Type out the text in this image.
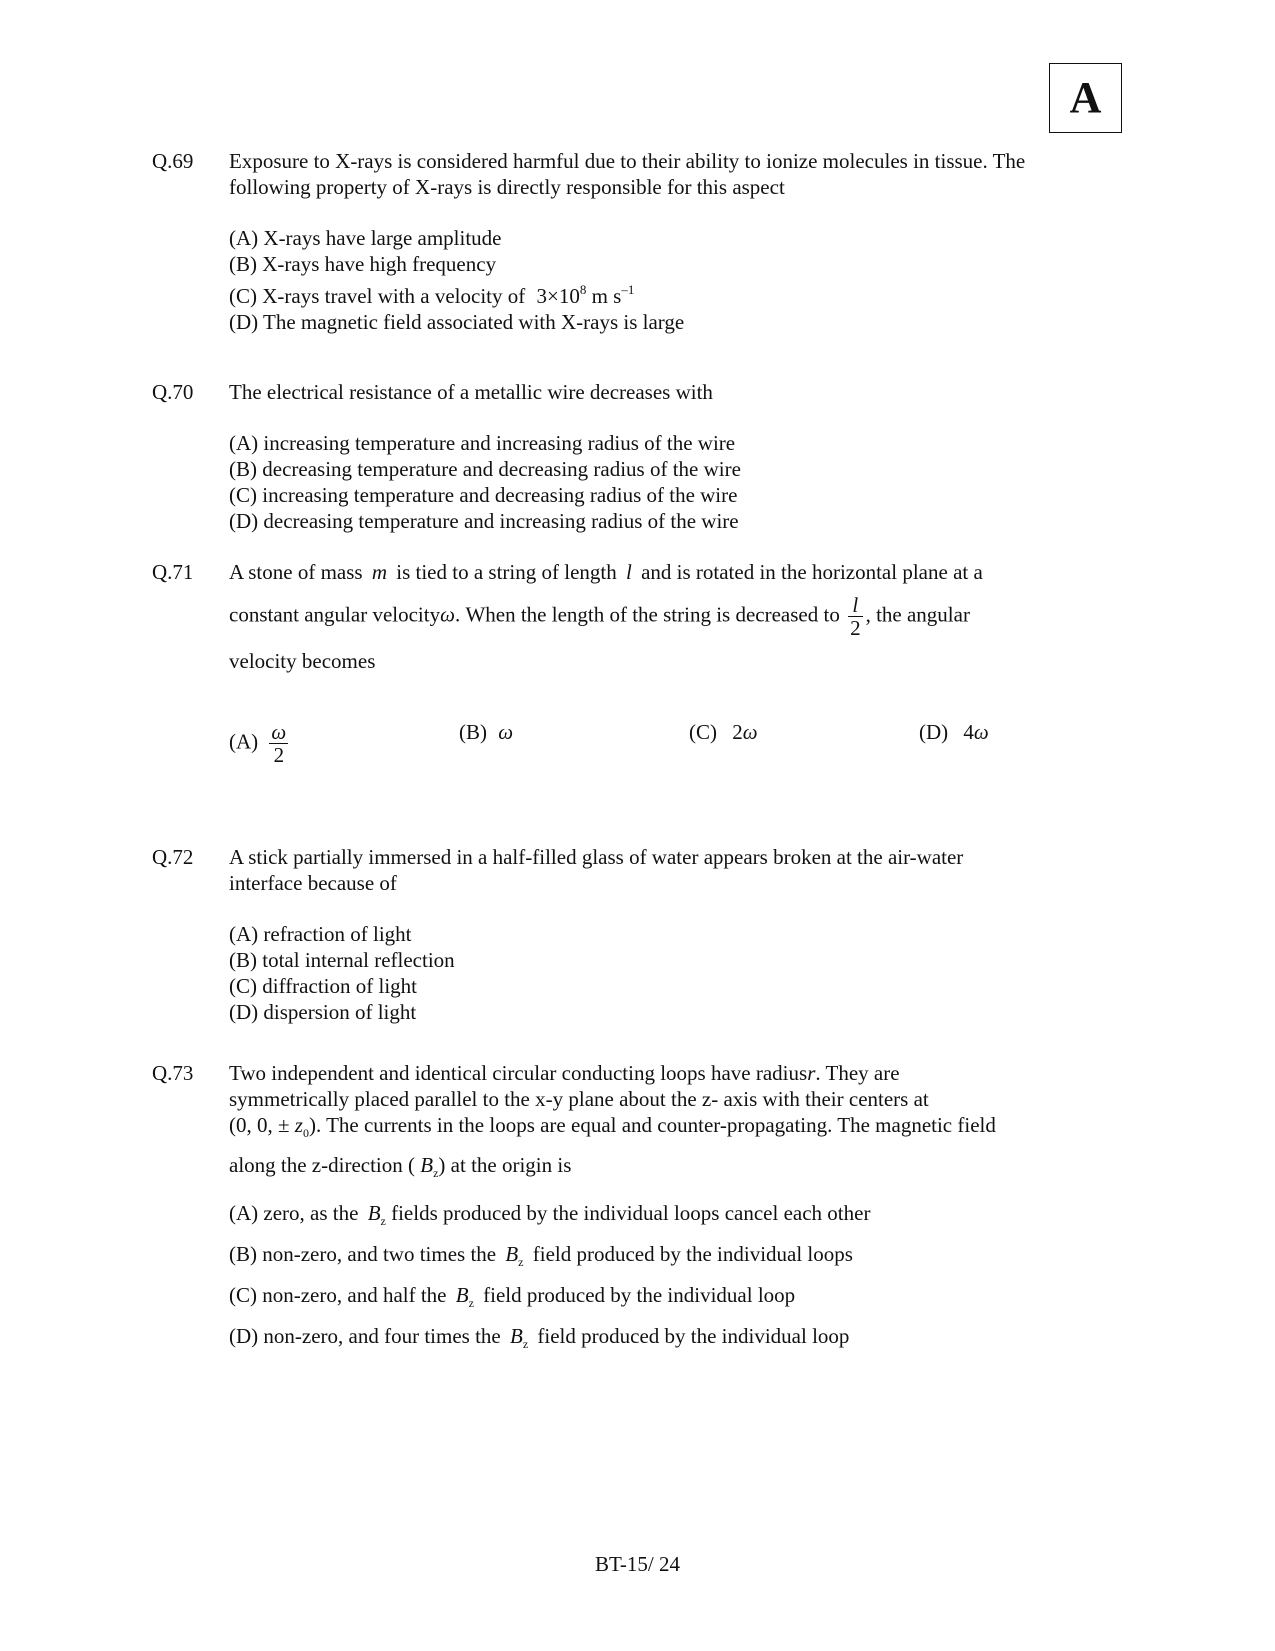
A
Q.69 Exposure to X-rays is considered harmful due to their ability to ionize molecules in tissue. The
following property of X-rays is directly responsible for this aspect
(A) X-rays have large amplitude
(B) X-rays have high frequency
(C) X-rays travel with a velocity of $3\times 10^8$ m $s^{-1}$
(D) The magnetic field associated with X-rays is large
Q.70 The electrical resistance of a metallic wire decreases with
(A) increasing temperature and increasing radius of the wire
(B) decreasing temperature and decreasing radius of the wire
(C) increasing temperature and decreasing radius of the wire
(D) decreasing temperature and increasing radius of the wire
Q.71 A stone of mass m is tied to a string of length l and is rotated in the horizontal plane at a
constant angular velocityω. When the length of the string is decreased to $\frac{l}{2}$ , the angular
velocity becomes
$(A) \frac{\omega}{2}$	(B) ω	(C) 2ω	(D) 4ω
Q.72 A stick partially immersed in a half-filled glass of water appears broken at the air-water
interface because of
(A) refraction of light
(B) total internal reflection
(C) diffraction of light
(D) dispersion of light
Q.73 Two independent and identical circular conducting loops have radiusr. They are
symmetrically placed parallel to the x-y plane about the z- axis with their centers at
(0, 0, ± $z_0$). The currents in the loops are equal and counter-propagating. The magnetic field
along the z-direction ( $B_z$) at the origin is
(A) zero, as the $B_z$ fields produced by the individual loops cancel each other
(B) non-zero, and two times the $B_z$ field produced by the individual loops
(C) non-zero, and half the $B_z$ field produced by the individual loop
(D) non-zero, and four times the $B_z$ field produced by the individual loop
BT-15/ 24
